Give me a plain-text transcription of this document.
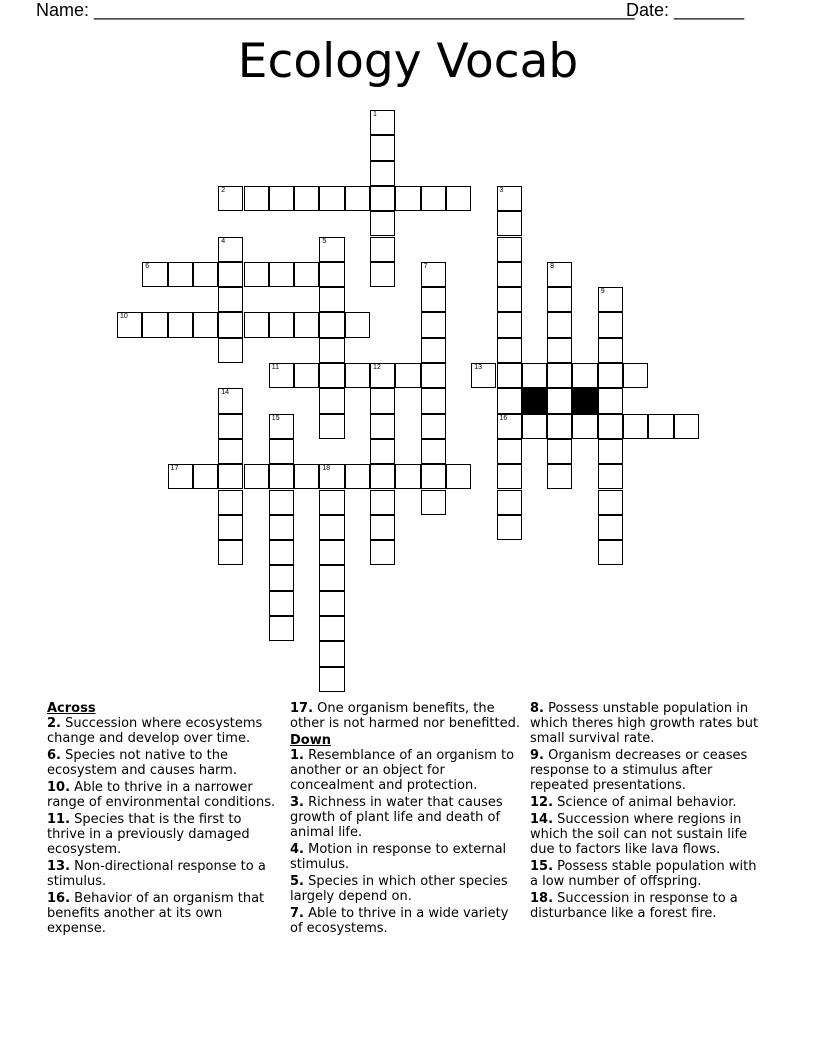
Name: ______________________________________________________
Date: _______
Ecology Vocab
1
2	3
16
4	5
6	7	8
9
10
11	12	13
14
15
17	18
Across
2. Succession where ecosystems change and develop over time.
6. Species not native to the ecosystem and causes harm.
10. Able to thrive in a narrower range of environmental conditions.
11. Species that is the first to thrive in a previously damaged ecosystem.
13. Non-directional response to a stimulus.
16. Behavior of an organism that benefits another at its own expense.
17. One organism benefits, the other is not harmed nor benefitted.
Down
1. Resemblance of an organism to another or an object for concealment and protection.
3. Richness in water that causes growth of plant life and death of animal life.
4. Motion in response to external stimulus.
5. Species in which other species largely depend on.
7. Able to thrive in a wide variety of ecosystems.
8. Possess unstable population in which theres high growth rates but small survival rate.
9. Organism decreases or ceases response to a stimulus after repeated presentations.
12. Science of animal behavior.
14. Succession where regions in which the soil can not sustain life due to factors like lava flows.
15. Possess stable population with a low number of offspring.
18. Succession in response to a disturbance like a forest fire.
